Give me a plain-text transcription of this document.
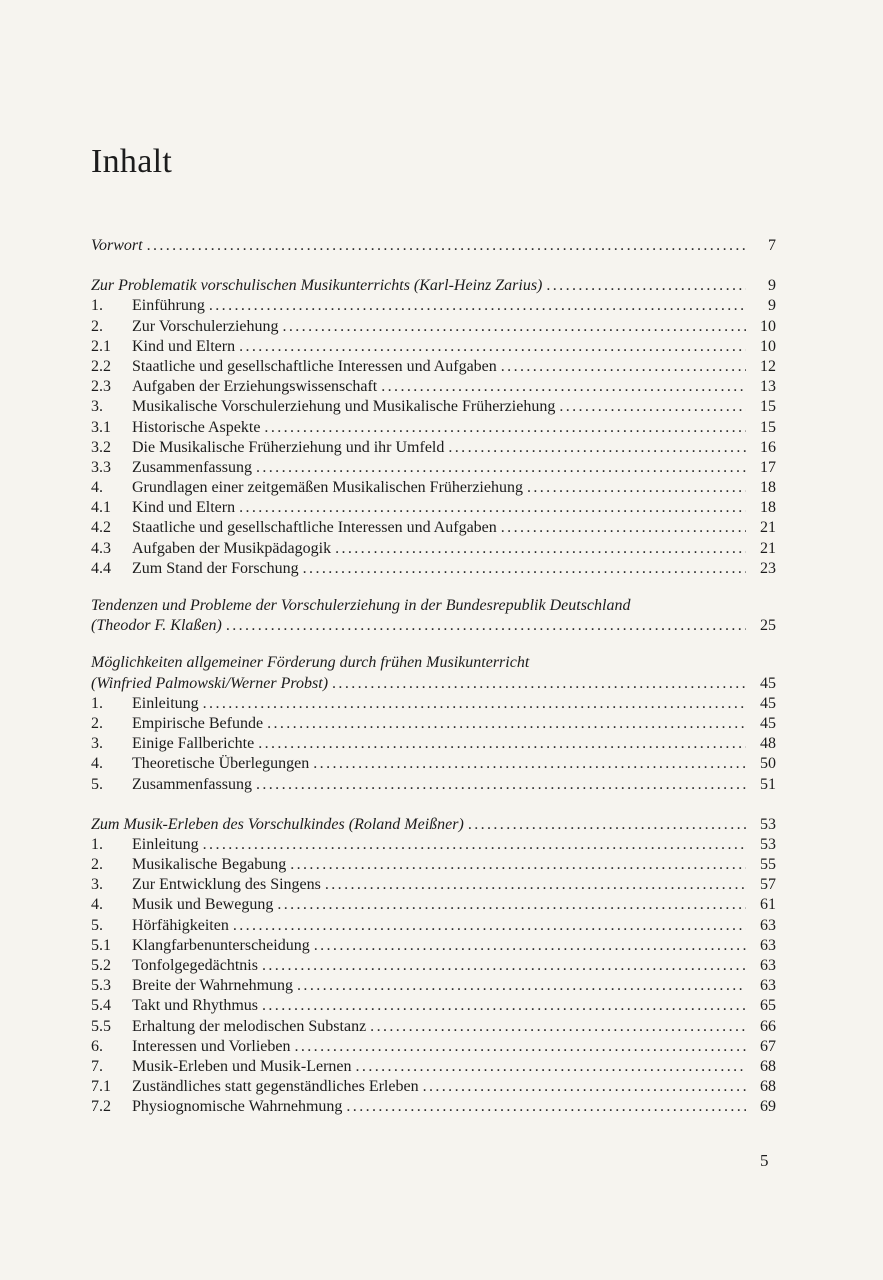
Inhalt
Vorwort .....	7
Zur Problematik vorschulischen Musikunterrichts (Karl-Heinz Zarius) .....	9
1.	Einführung .....	9
2.	Zur Vorschulerziehung .....	10
2.1	Kind und Eltern .....	10
2.2	Staatliche und gesellschaftliche Interessen und Aufgaben .....	12
2.3	Aufgaben der Erziehungswissenschaft .....	13
3.	Musikalische Vorschulerziehung und Musikalische Früherziehung .....	15
3.1	Historische Aspekte .....	15
3.2	Die Musikalische Früherziehung und ihr Umfeld .....	16
3.3	Zusammenfassung .....	17
4.	Grundlagen einer zeitgemäßen Musikalischen Früherziehung .....	18
4.1	Kind und Eltern .....	18
4.2	Staatliche und gesellschaftliche Interessen und Aufgaben .....	21
4.3	Aufgaben der Musikpädagogik .....	21
4.4	Zum Stand der Forschung .....	23
Tendenzen und Probleme der Vorschulerziehung in der Bundesrepublik Deutschland
(Theodor F. Klaßen) .....	25
Möglichkeiten allgemeiner Förderung durch frühen Musikunterricht
(Winfried Palmowski/Werner Probst) .....	45
1.	Einleitung .....	45
2.	Empirische Befunde .....	45
3.	Einige Fallberichte .....	48
4.	Theoretische Überlegungen .....	50
5.	Zusammenfassung .....	51
Zum Musik-Erleben des Vorschulkindes (Roland Meißner) .....	53
1.	Einleitung .....	53
2.	Musikalische Begabung .....	55
3.	Zur Entwicklung des Singens .....	57
4.	Musik und Bewegung .....	61
5.	Hörfähigkeiten .....	63
5.1	Klangfarbenunterscheidung .....	63
5.2	Tonfolgegedächtnis .....	63
5.3	Breite der Wahrnehmung .....	63
5.4	Takt und Rhythmus .....	65
5.5	Erhaltung der melodischen Substanz .....	66
6.	Interessen und Vorlieben .....	67
7.	Musik-Erleben und Musik-Lernen .....	68
7.1	Zuständliches statt gegenständliches Erleben .....	68
7.2	Physiognomische Wahrnehmung .....	69
5
